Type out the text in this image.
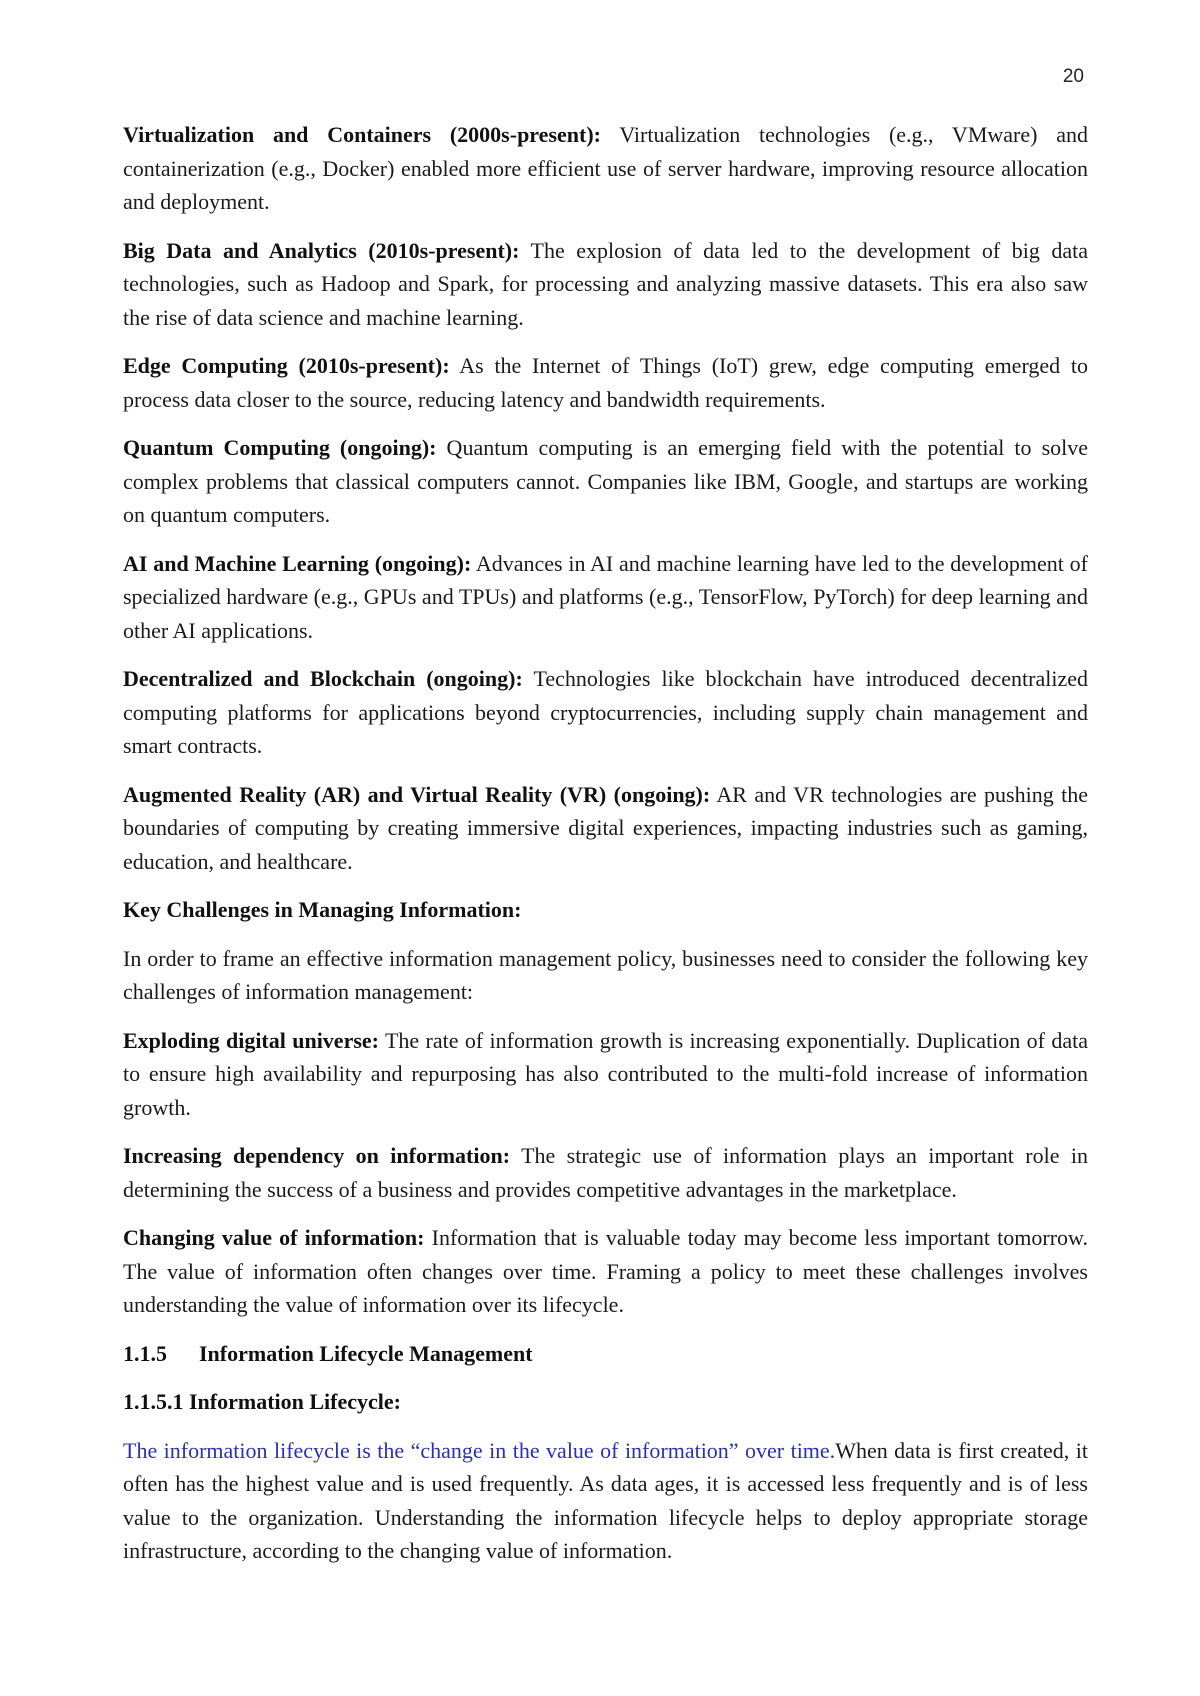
20

Virtualization and Containers (2000s-present): Virtualization technologies (e.g., VMware) and containerization (e.g., Docker) enabled more efficient use of server hardware, improving resource allocation and deployment.

Big Data and Analytics (2010s-present): The explosion of data led to the development of big data technologies, such as Hadoop and Spark, for processing and analyzing massive datasets. This era also saw the rise of data science and machine learning.

Edge Computing (2010s-present): As the Internet of Things (IoT) grew, edge computing emerged to process data closer to the source, reducing latency and bandwidth requirements.

Quantum Computing (ongoing): Quantum computing is an emerging field with the potential to solve complex problems that classical computers cannot. Companies like IBM, Google, and startups are working on quantum computers.

AI and Machine Learning (ongoing): Advances in AI and machine learning have led to the development of specialized hardware (e.g., GPUs and TPUs) and platforms (e.g., TensorFlow, PyTorch) for deep learning and other AI applications.

Decentralized and Blockchain (ongoing): Technologies like blockchain have introduced decentralized computing platforms for applications beyond cryptocurrencies, including supply chain management and smart contracts.

Augmented Reality (AR) and Virtual Reality (VR) (ongoing): AR and VR technologies are pushing the boundaries of computing by creating immersive digital experiences, impacting industries such as gaming, education, and healthcare.

Key Challenges in Managing Information:

In order to frame an effective information management policy, businesses need to consider the following key challenges of information management:

Exploding digital universe: The rate of information growth is increasing exponentially. Duplication of data to ensure high availability and repurposing has also contributed to the multi-fold increase of information growth.

Increasing dependency on information: The strategic use of information plays an important role in determining the success of a business and provides competitive advantages in the marketplace.

Changing value of information: Information that is valuable today may become less important tomorrow. The value of information often changes over time. Framing a policy to meet these challenges involves understanding the value of information over its lifecycle.

1.1.5 Information Lifecycle Management
1.1.5.1 Information Lifecycle:

The information lifecycle is the “change in the value of information” over time.When data is first created, it often has the highest value and is used frequently. As data ages, it is accessed less frequently and is of less value to the organization. Understanding the information lifecycle helps to deploy appropriate storage infrastructure, according to the changing value of information.
